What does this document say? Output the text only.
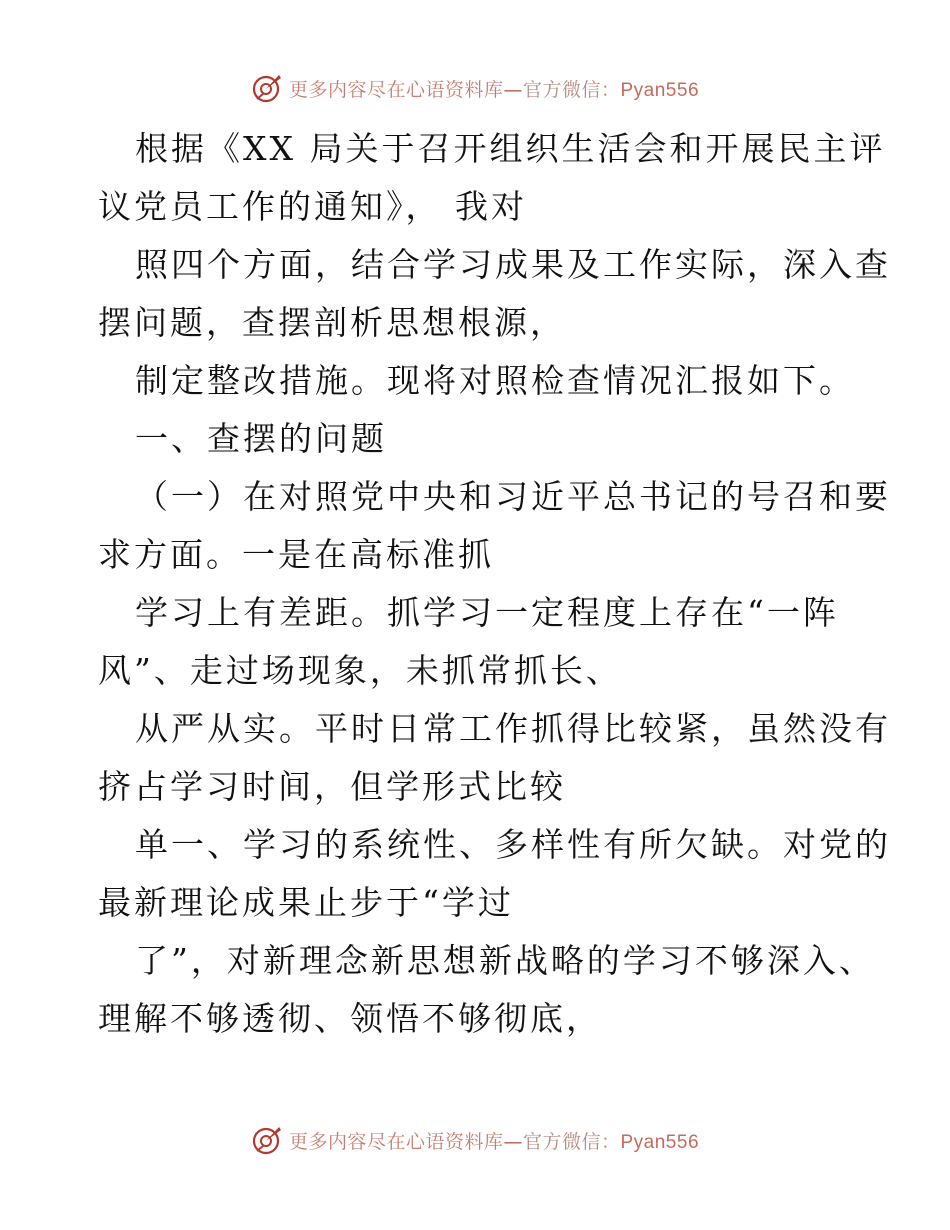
更多内容尽在心语资料库—官方微信：Pyan556
根据《XX 局关于召开组织生活会和开展民主评
议党员工作的通知》， 我对
照四个方面，结合学习成果及工作实际，深入查
摆问题，查摆剖析思想根源，
制定整改措施。现将对照检查情况汇报如下。
一、查摆的问题
（一）在对照党中央和习近平总书记的号召和要
求方面。一是在高标准抓
学习上有差距。抓学习一定程度上存在“一阵
风”、走过场现象，未抓常抓长、
从严从实。平时日常工作抓得比较紧，虽然没有
挤占学习时间，但学形式比较
单一、学习的系统性、多样性有所欠缺。对党的
最新理论成果止步于“学过
了”，对新理念新思想新战略的学习不够深入、
理解不够透彻、领悟不够彻底，
更多内容尽在心语资料库—官方微信：Pyan556
